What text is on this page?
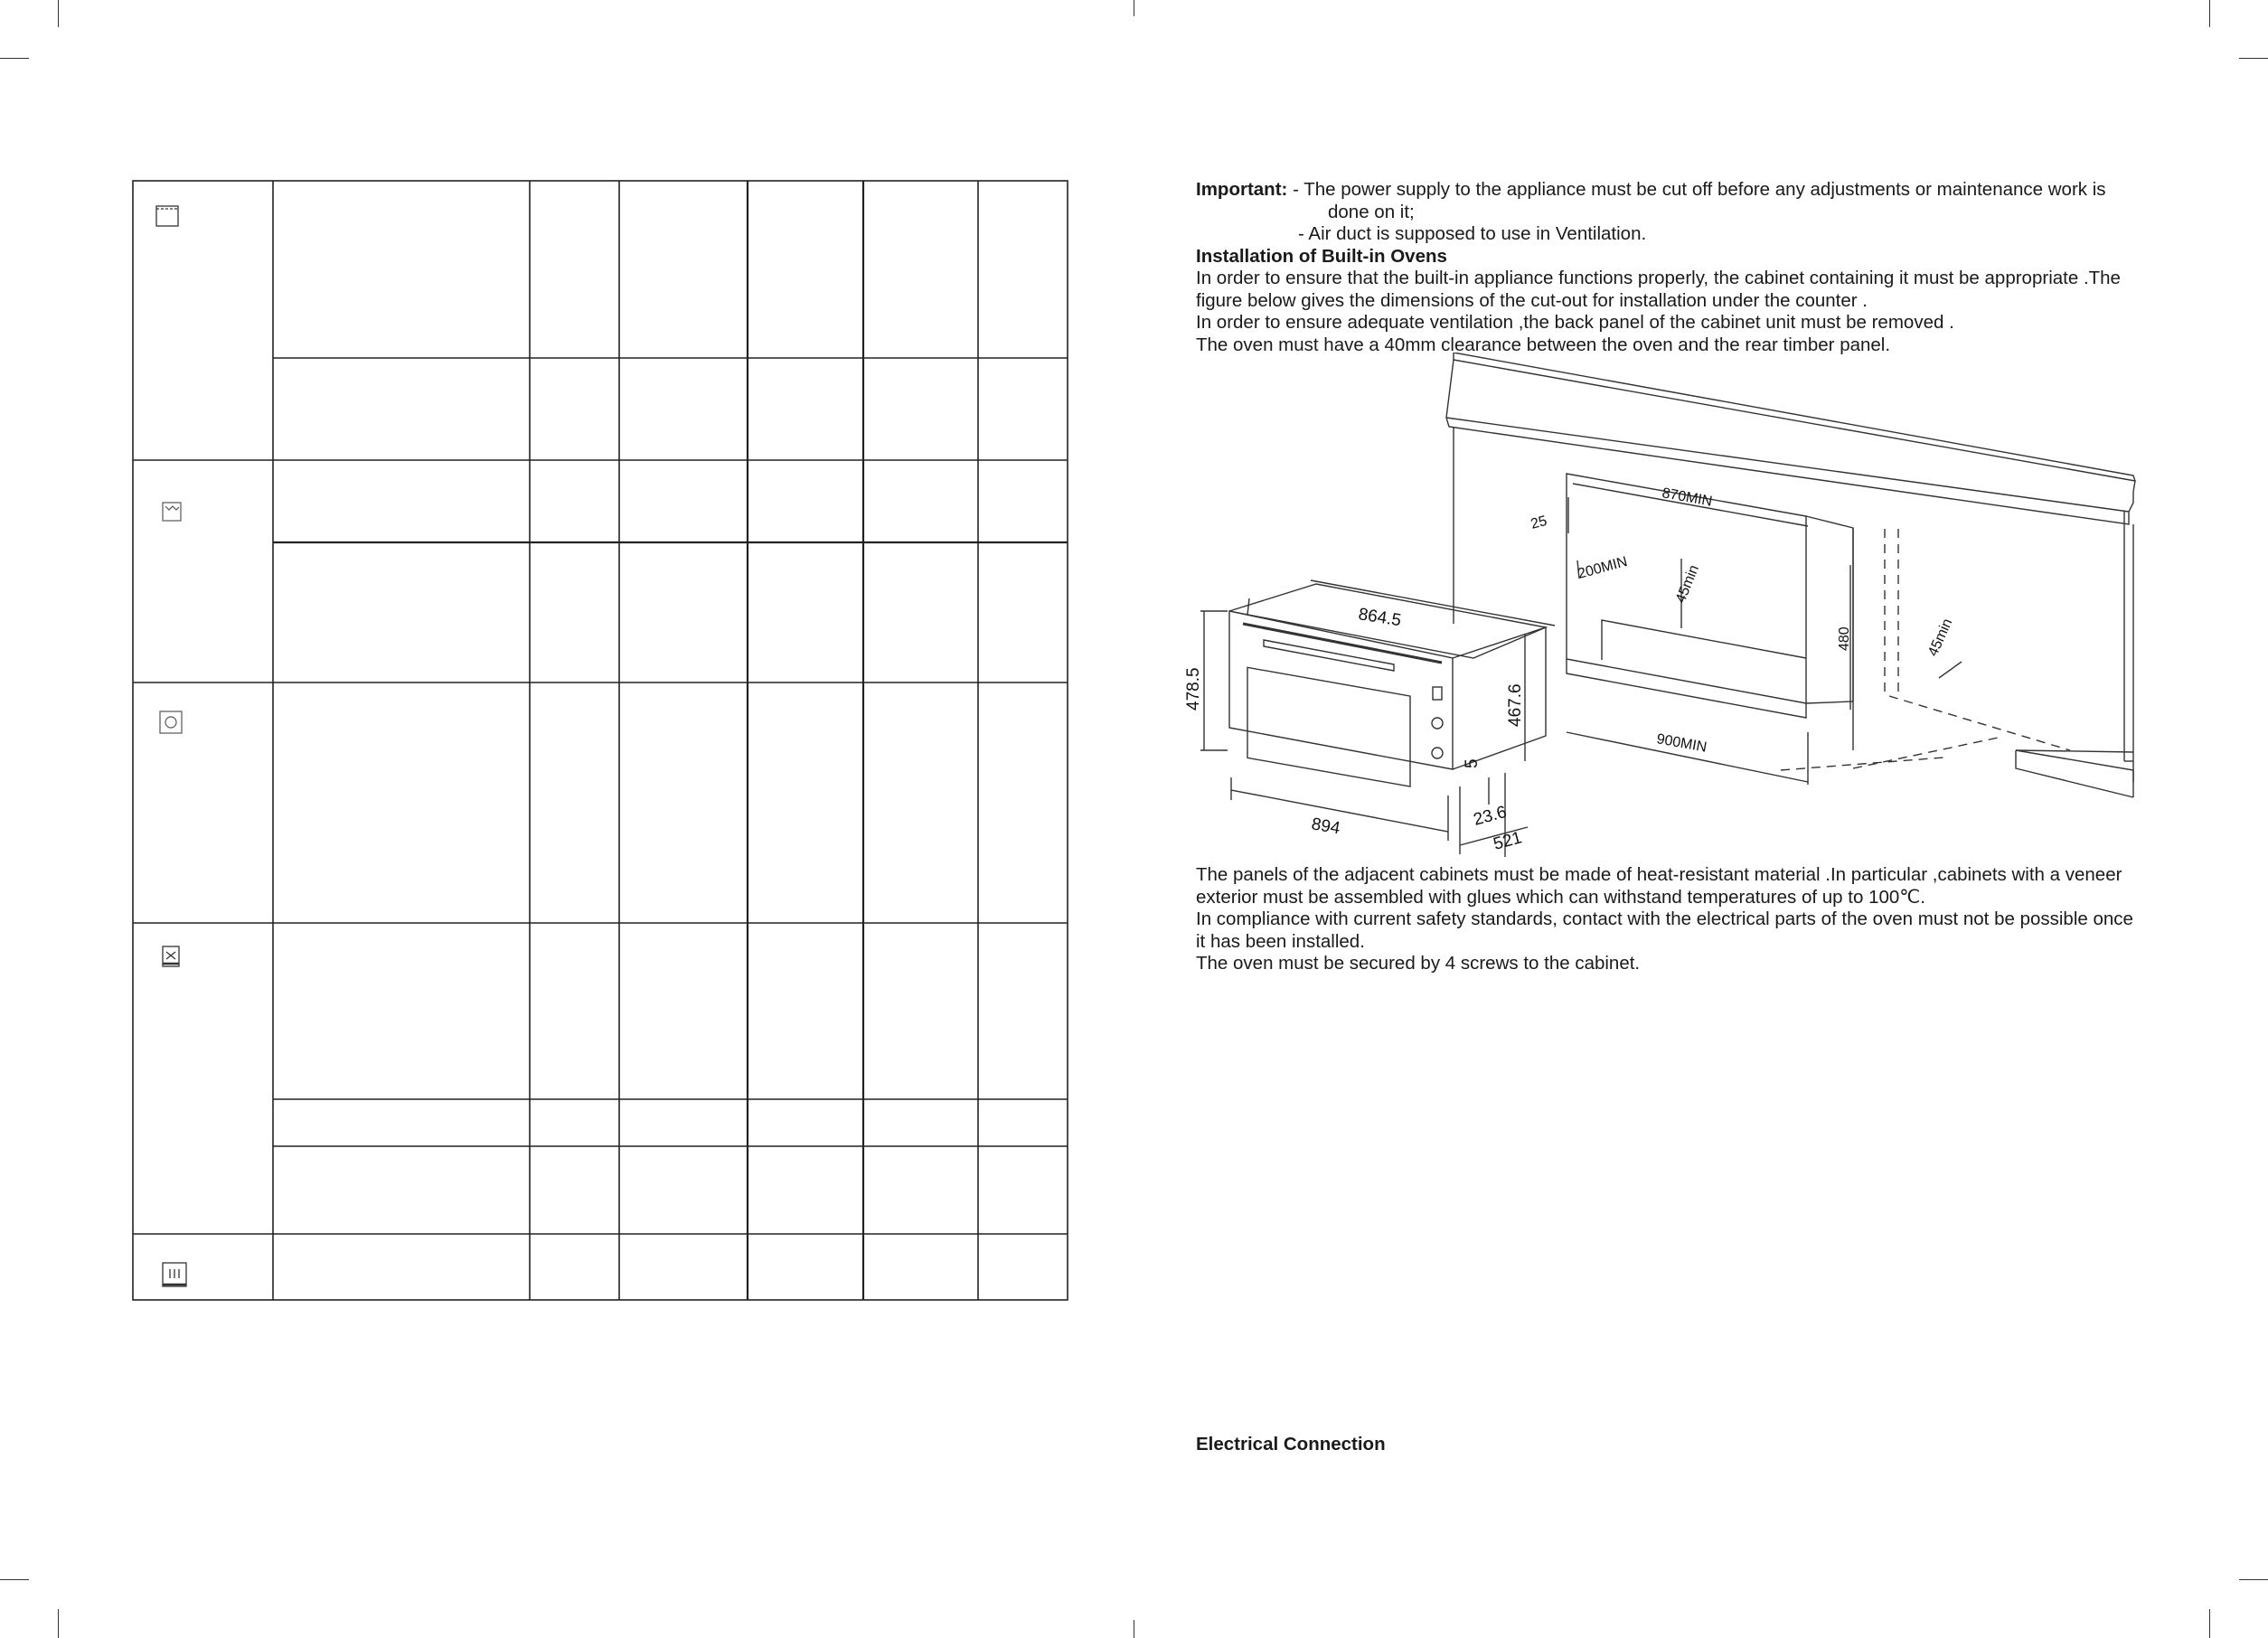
Important: - The power supply to the appliance must be cut off before any adjustments or maintenance work is

done on it;

- Air duct is supposed to use in Ventilation.

Installation of Built-in Ovens

In order to ensure that the built-in appliance functions properly, the cabinet containing it must be appropriate .The

figure below gives the dimensions of the cut-out for installation under the counter .

In order to ensure adequate ventilation ,the back panel of the cabinet unit must be removed .

The oven must have a 40mm clearance between the oven and the rear timber panel.

The panels of the adjacent cabinets must be made of heat-resistant material .In particular ,cabinets with a veneer

exterior must be assembled with glues which can withstand temperatures of up to 100℃.

In compliance with current safety standards, contact with the electrical parts of the oven must not be possible once

it has been installed.

The oven must be secured by 4 screws to the cabinet.

Electrical Connection
870MIN
25
200MIN	45min
480	45min
900MIN
864.5
478.5	467.6
5
894	23.6
521
